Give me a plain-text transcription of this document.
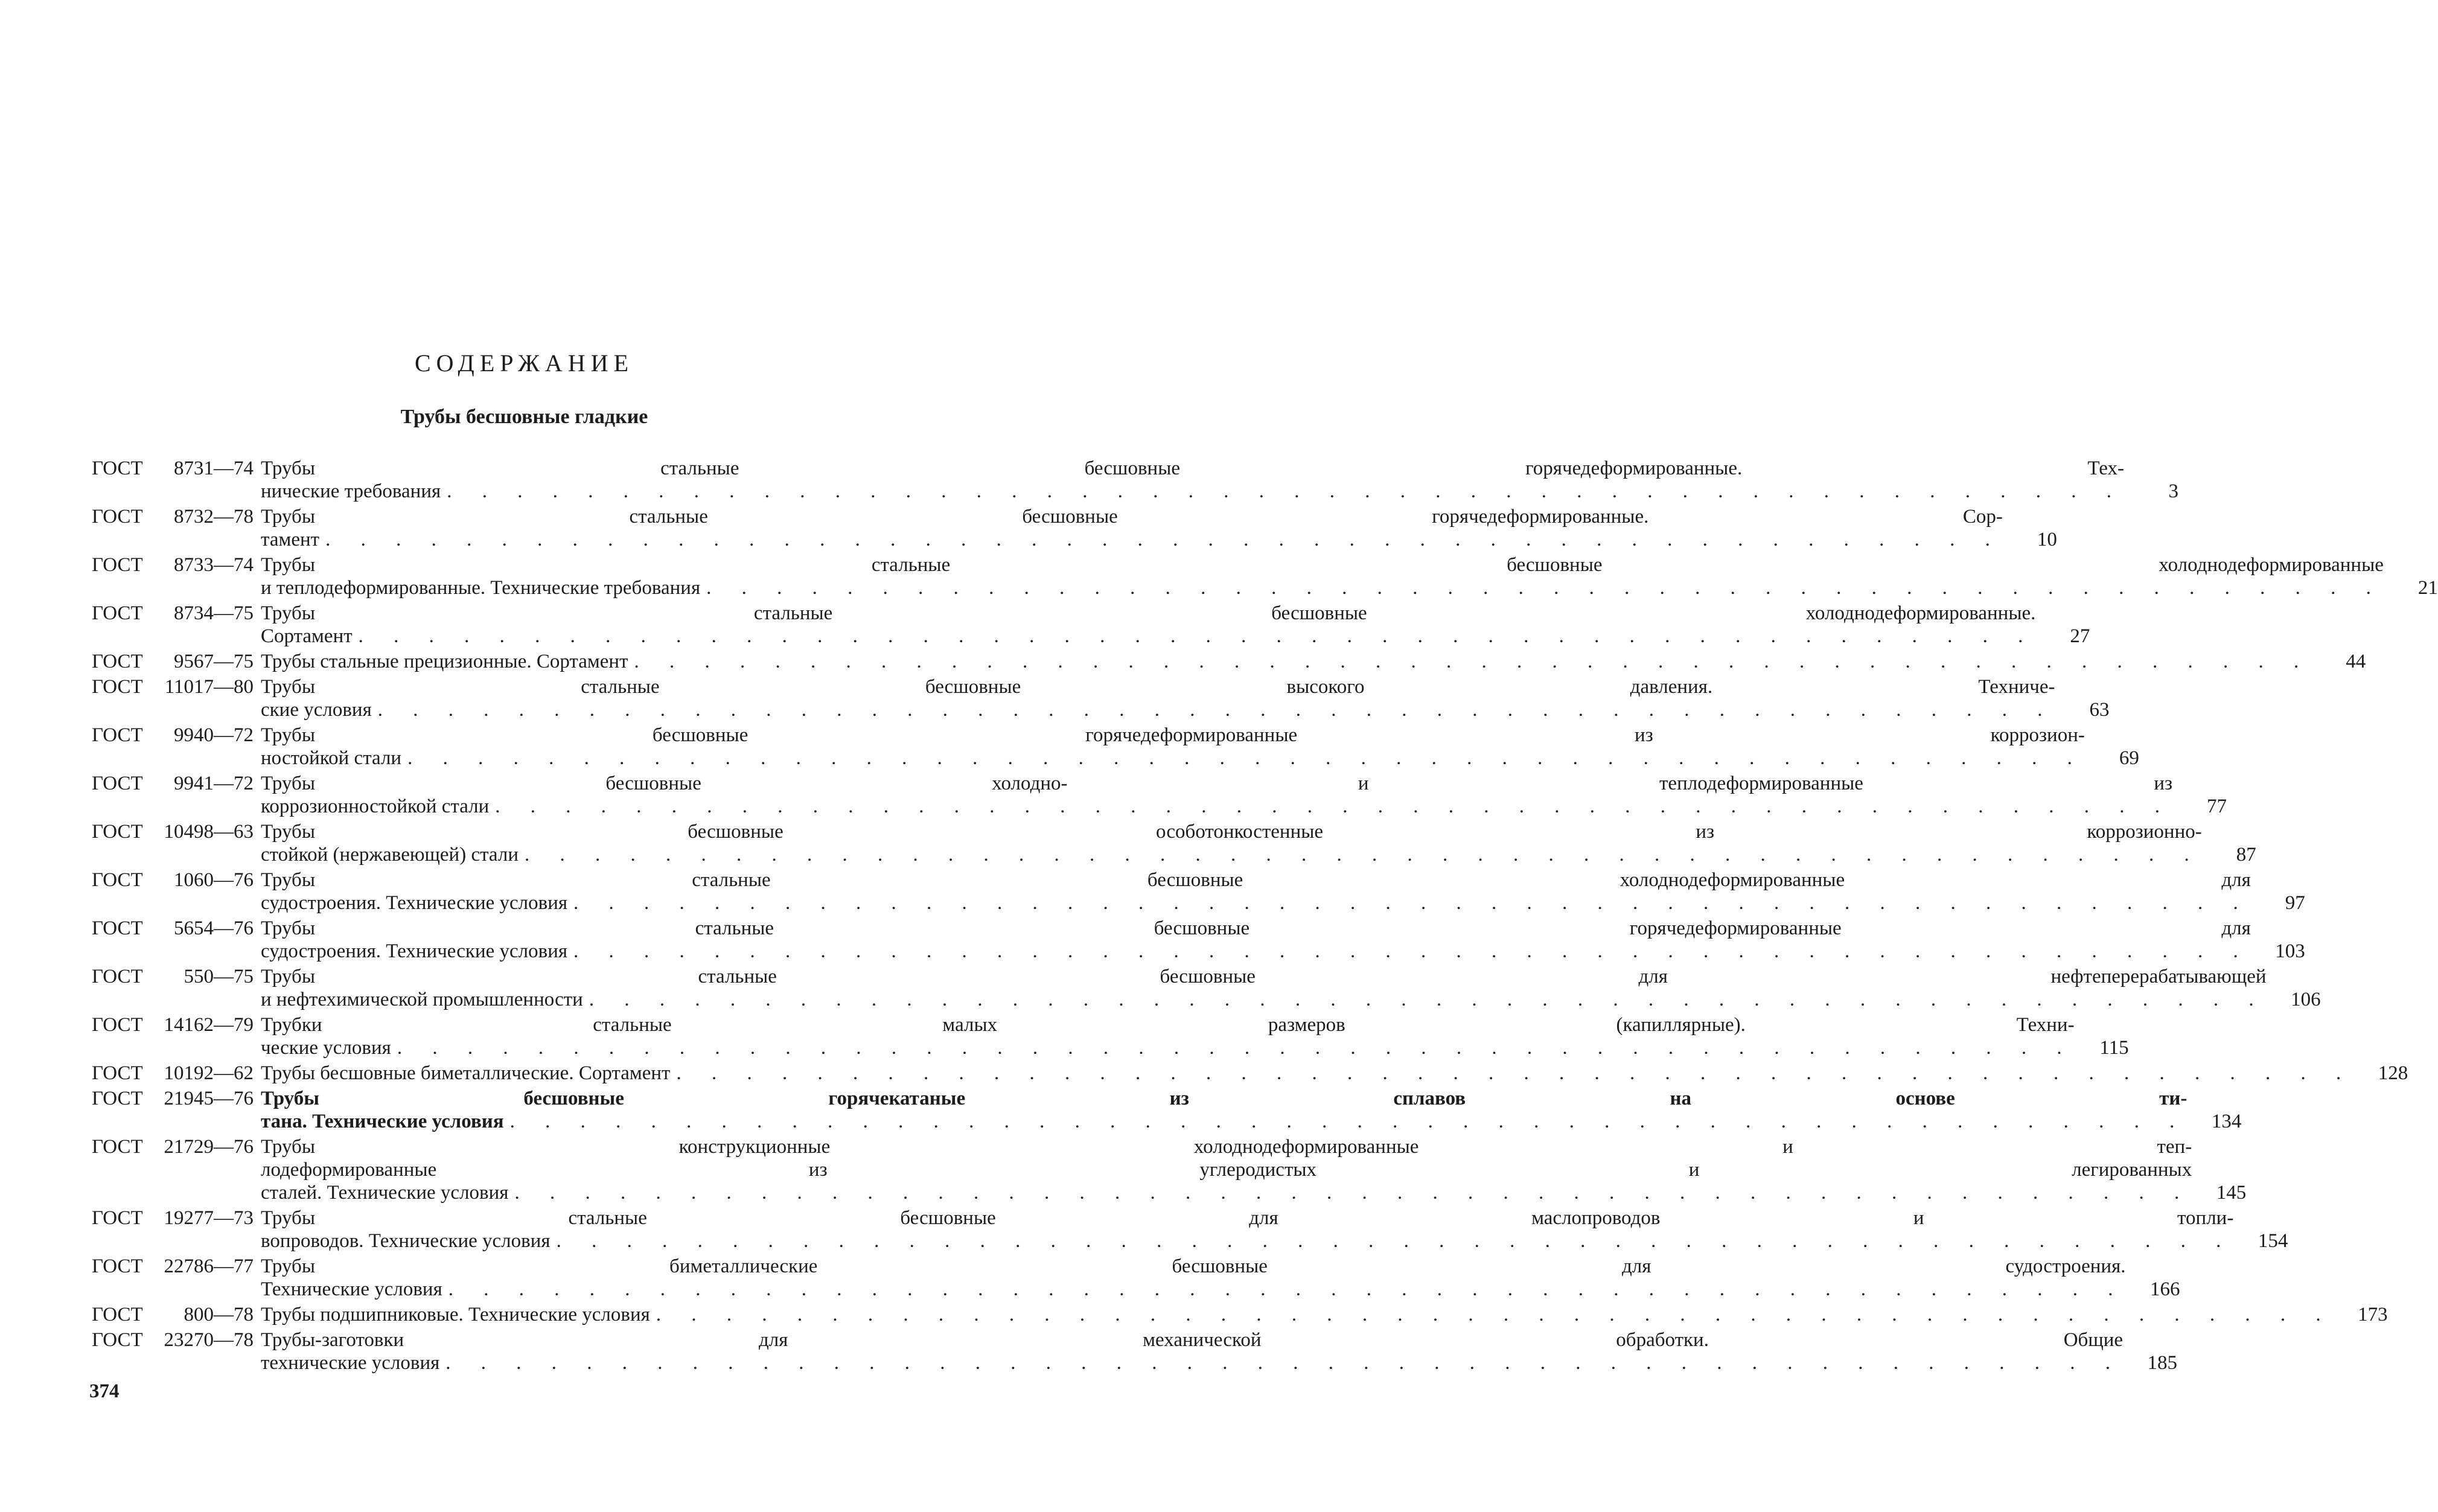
СОДЕРЖАНИЕ
Трубы бесшовные гладкие
ГОСТ	8731—74 Трубы стальные бесшовные горячедеформированные. Тех-
нические требования . . .	3
ГОСТ	8732—78 Трубы стальные бесшовные горячедеформированные. Сор-
тамент . . .	10
ГОСТ	8733—74 Трубы стальные бесшовные холоднодеформированные
и теплодеформированные. Технические требования . . .	21
ГОСТ	8734—75 Трубы стальные бесшовные холоднодеформированные.
Сортамент . . .	27
ГОСТ	9567—75 Трубы стальные прецизионные. Сортамент . . .	44
ГОСТ	11017—80 Трубы стальные бесшовные высокого давления. Техниче-
ские условия . . .	63
ГОСТ	9940—72 Трубы бесшовные горячедеформированные из коррозион-
ностойкой стали . . .	69
ГОСТ	9941—72 Трубы бесшовные холодно- и теплодеформированные из
коррозионностойкой стали . . .	77
ГОСТ	10498—63 Трубы бесшовные особотонкостенные из коррозионно-
стойкой (нержавеющей) стали . . .	87
ГОСТ	1060—76 Трубы стальные бесшовные холоднодеформированные для
судостроения. Технические условия . . .	97
ГОСТ	5654—76 Трубы стальные бесшовные горячедеформированные для
судостроения. Технические условия . . .	103
ГОСТ	550—75 Трубы стальные бесшовные для нефтеперерабатывающей
и нефтехимической промышленности . . .	106
ГОСТ	14162—79 Трубки стальные малых размеров (капиллярные). Техни-
ческие условия . . .	115
ГОСТ	10192—62 Трубы бесшовные биметаллические. Сортамент . . .	128
ГОСТ	21945—76 Трубы бесшовные горячекатаные из сплавов на основе ти-
тана. Технические условия . . .	134
ГОСТ	21729—76 Трубы конструкционные холоднодеформированные и теп-
лодеформированные из углеродистых и легированных
сталей. Технические условия . . .	145
ГОСТ	19277—73 Трубы стальные бесшовные для маслопроводов и топли-
вопроводов. Технические условия . . .	154
ГОСТ	22786—77 Трубы биметаллические бесшовные для судостроения.
Технические условия . . .	166
ГОСТ	800—78 Трубы подшипниковые. Технические условия . . .	173
ГОСТ	23270—78 Трубы-заготовки для механической обработки. Общие
технические условия . . .	185
374
